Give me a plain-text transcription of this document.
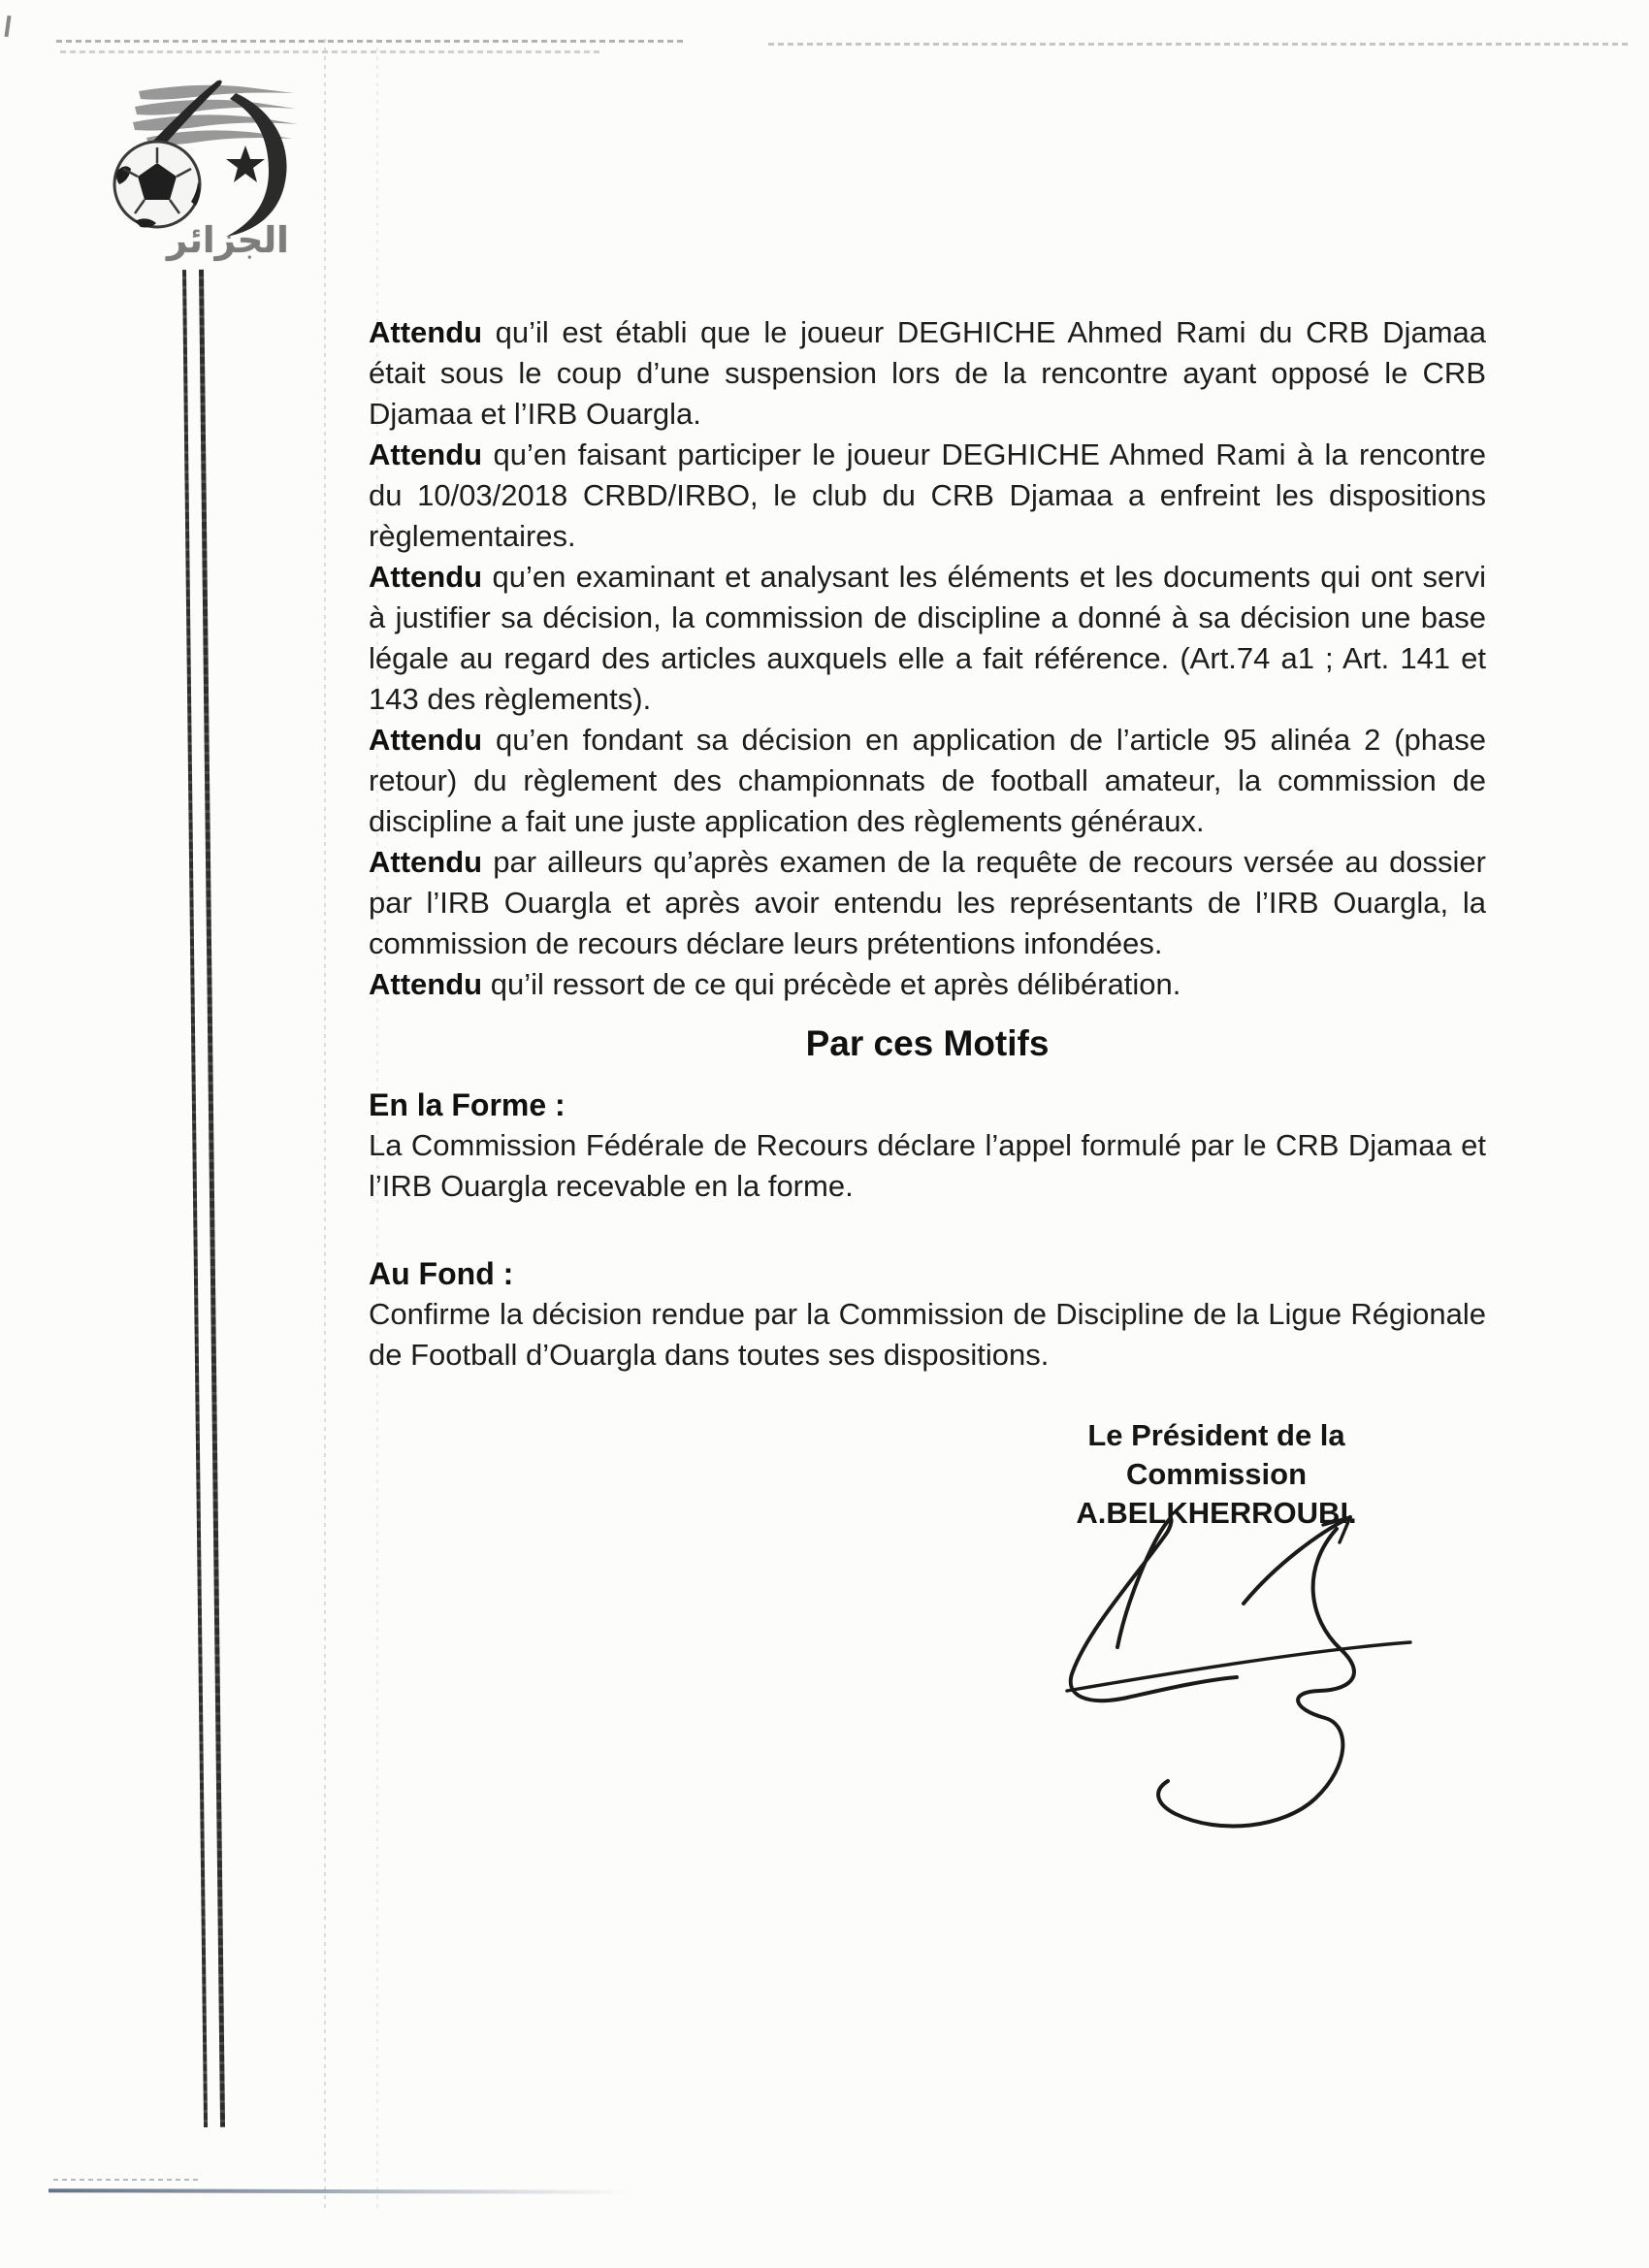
الجزائر

Attendu qu’il est établi que le joueur DEGHICHE Ahmed Rami du CRB Djamaa était sous le coup d’une suspension lors de la rencontre ayant opposé le CRB Djamaa et l’IRB Ouargla.

Attendu qu’en faisant participer le joueur DEGHICHE Ahmed Rami à la rencontre du 10/03/2018 CRBD/IRBO, le club du CRB Djamaa a enfreint les dispositions règlementaires.

Attendu qu’en examinant et analysant les éléments et les documents qui ont servi à justifier sa décision, la commission de discipline a donné à sa décision une base légale au regard des articles auxquels elle a fait référence. (Art.74 a1 ; Art. 141 et 143 des règlements).

Attendu qu’en fondant sa décision en application de l’article 95 alinéa 2 (phase retour) du règlement des championnats de football amateur, la commission de discipline a fait une juste application des règlements généraux.

Attendu par ailleurs qu’après examen de la requête de recours versée au dossier par l’IRB Ouargla et après avoir entendu les représentants de l’IRB Ouargla, la commission de recours déclare leurs prétentions infondées.

Attendu qu’il ressort de ce qui précède et après délibération.

Par ces Motifs

En la Forme :

La Commission Fédérale de Recours déclare l’appel formulé par le CRB Djamaa et l’IRB Ouargla recevable en la forme.

Au Fond :

Confirme la décision rendue par la Commission de Discipline de la Ligue Régionale de Football d’Ouargla dans toutes ses dispositions.

Le Président de la Commission
A.BELKHERROUBI.
